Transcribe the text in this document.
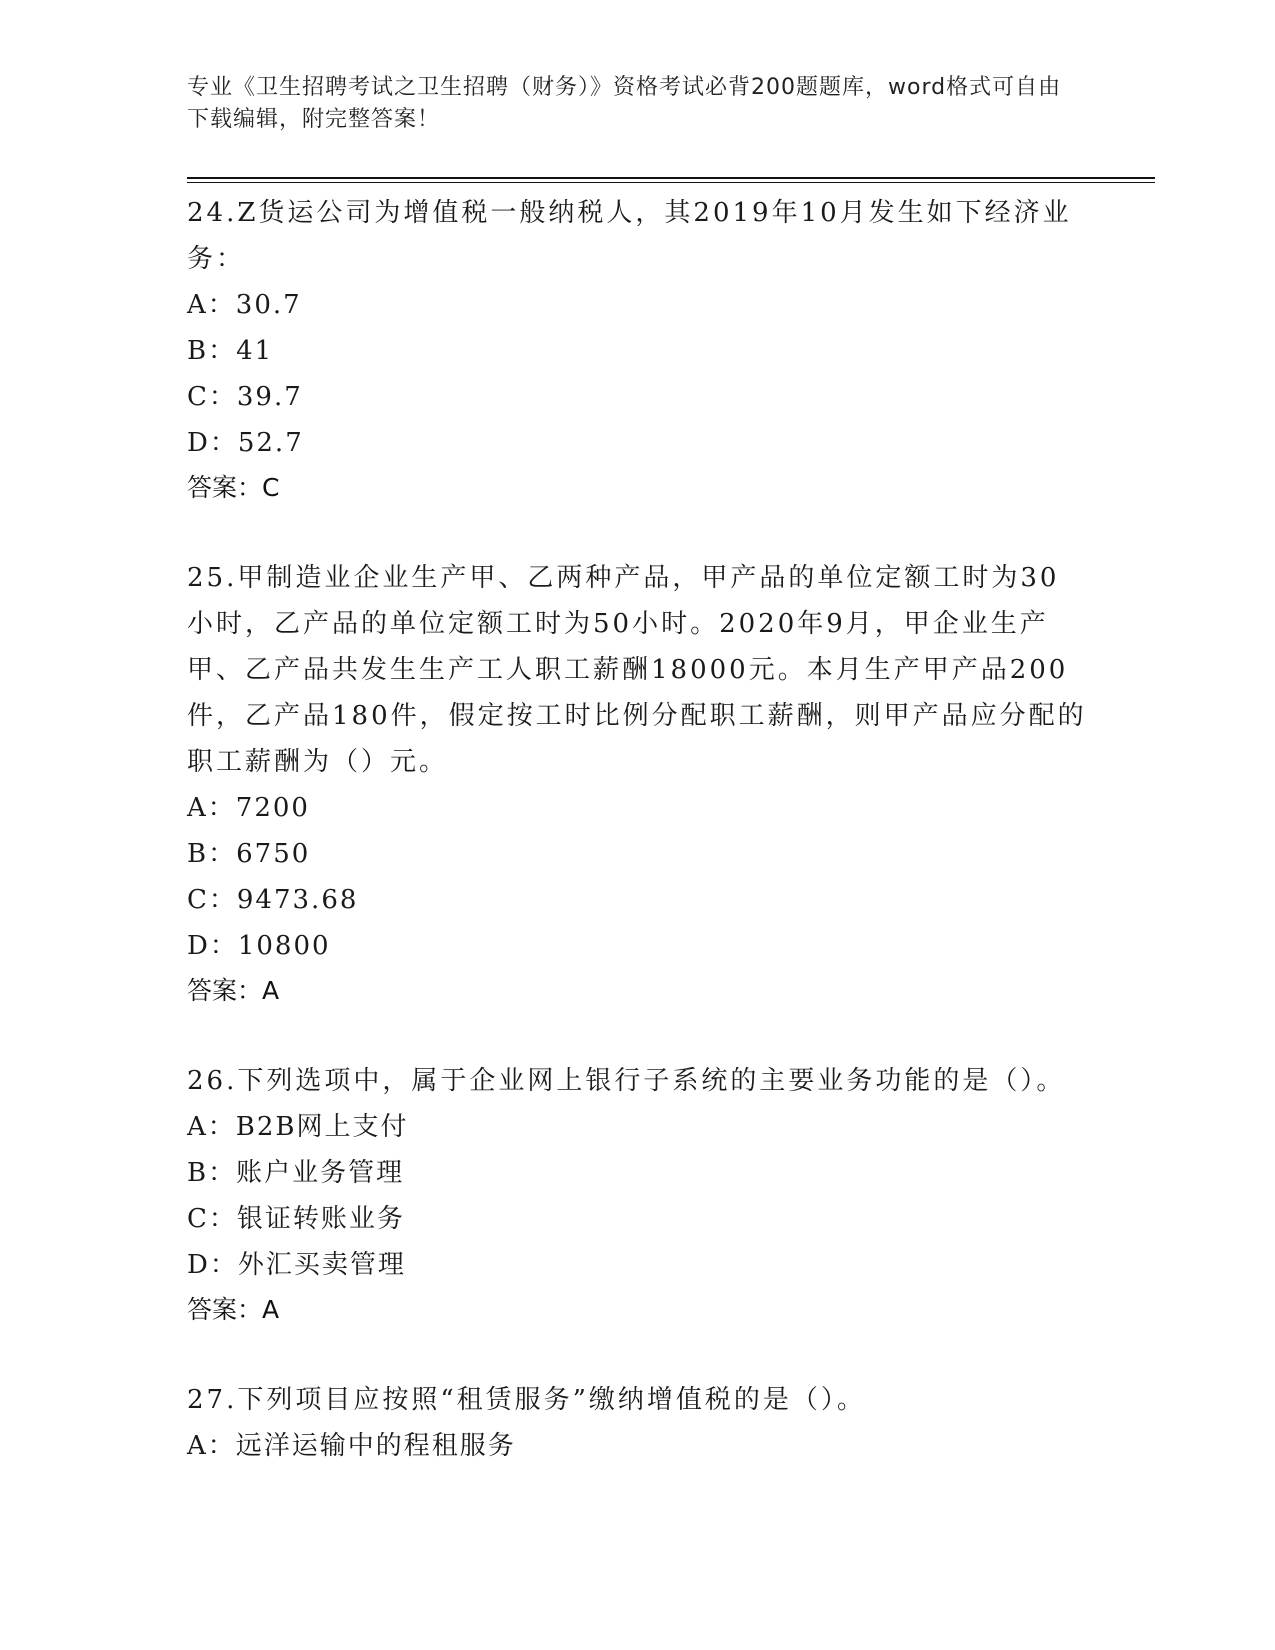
专业《卫生招聘考试之卫生招聘（财务）》资格考试必背200题题库，word格式可自由下载编辑，附完整答案！

24.Z货运公司为增值税一般纳税人，其2019年10月发生如下经济业务：

A：30.7

B：41

C：39.7

D：52.7

答案：C

25.甲制造业企业生产甲、乙两种产品，甲产品的单位定额工时为30小时，乙产品的单位定额工时为50小时。2020年9月，甲企业生产甲、乙产品共发生生产工人职工薪酬18000元。本月生产甲产品200件，乙产品180件，假定按工时比例分配职工薪酬，则甲产品应分配的职工薪酬为（）元。

A：7200

B：6750

C：9473.68

D：10800

答案：A

26.下列选项中，属于企业网上银行子系统的主要业务功能的是（）。

A：B2B网上支付

B：账户业务管理

C：银证转账业务

D：外汇买卖管理

答案：A

27.下列项目应按照“租赁服务”缴纳增值税的是（）。

A：远洋运输中的程租服务
